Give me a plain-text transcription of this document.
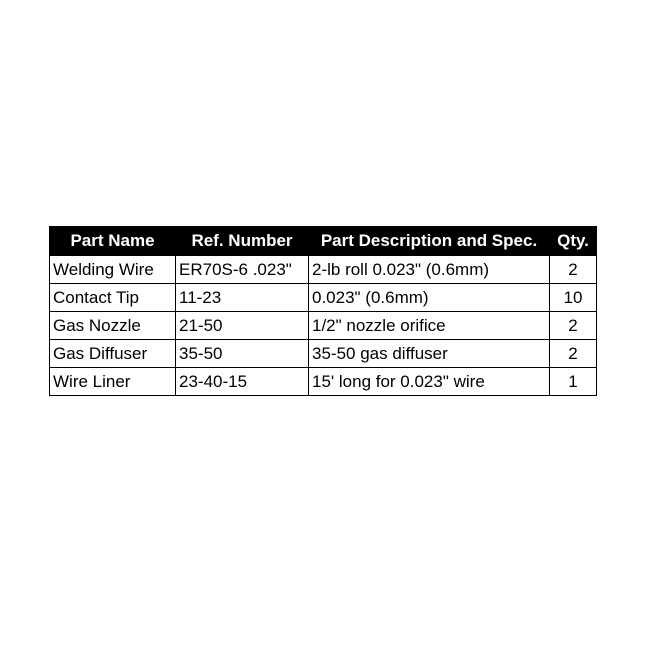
Part Name	Ref. Number	Part Description and Spec.	Qty.
Welding Wire	ER70S-6 .023"	2-lb roll 0.023" (0.6mm)	2
Contact Tip	11-23	0.023" (0.6mm)	10
Gas Nozzle	21-50	1/2" nozzle orifice	2
Gas Diffuser	35-50	35-50 gas diffuser	2
Wire Liner	23-40-15	15' long for 0.023" wire	1
